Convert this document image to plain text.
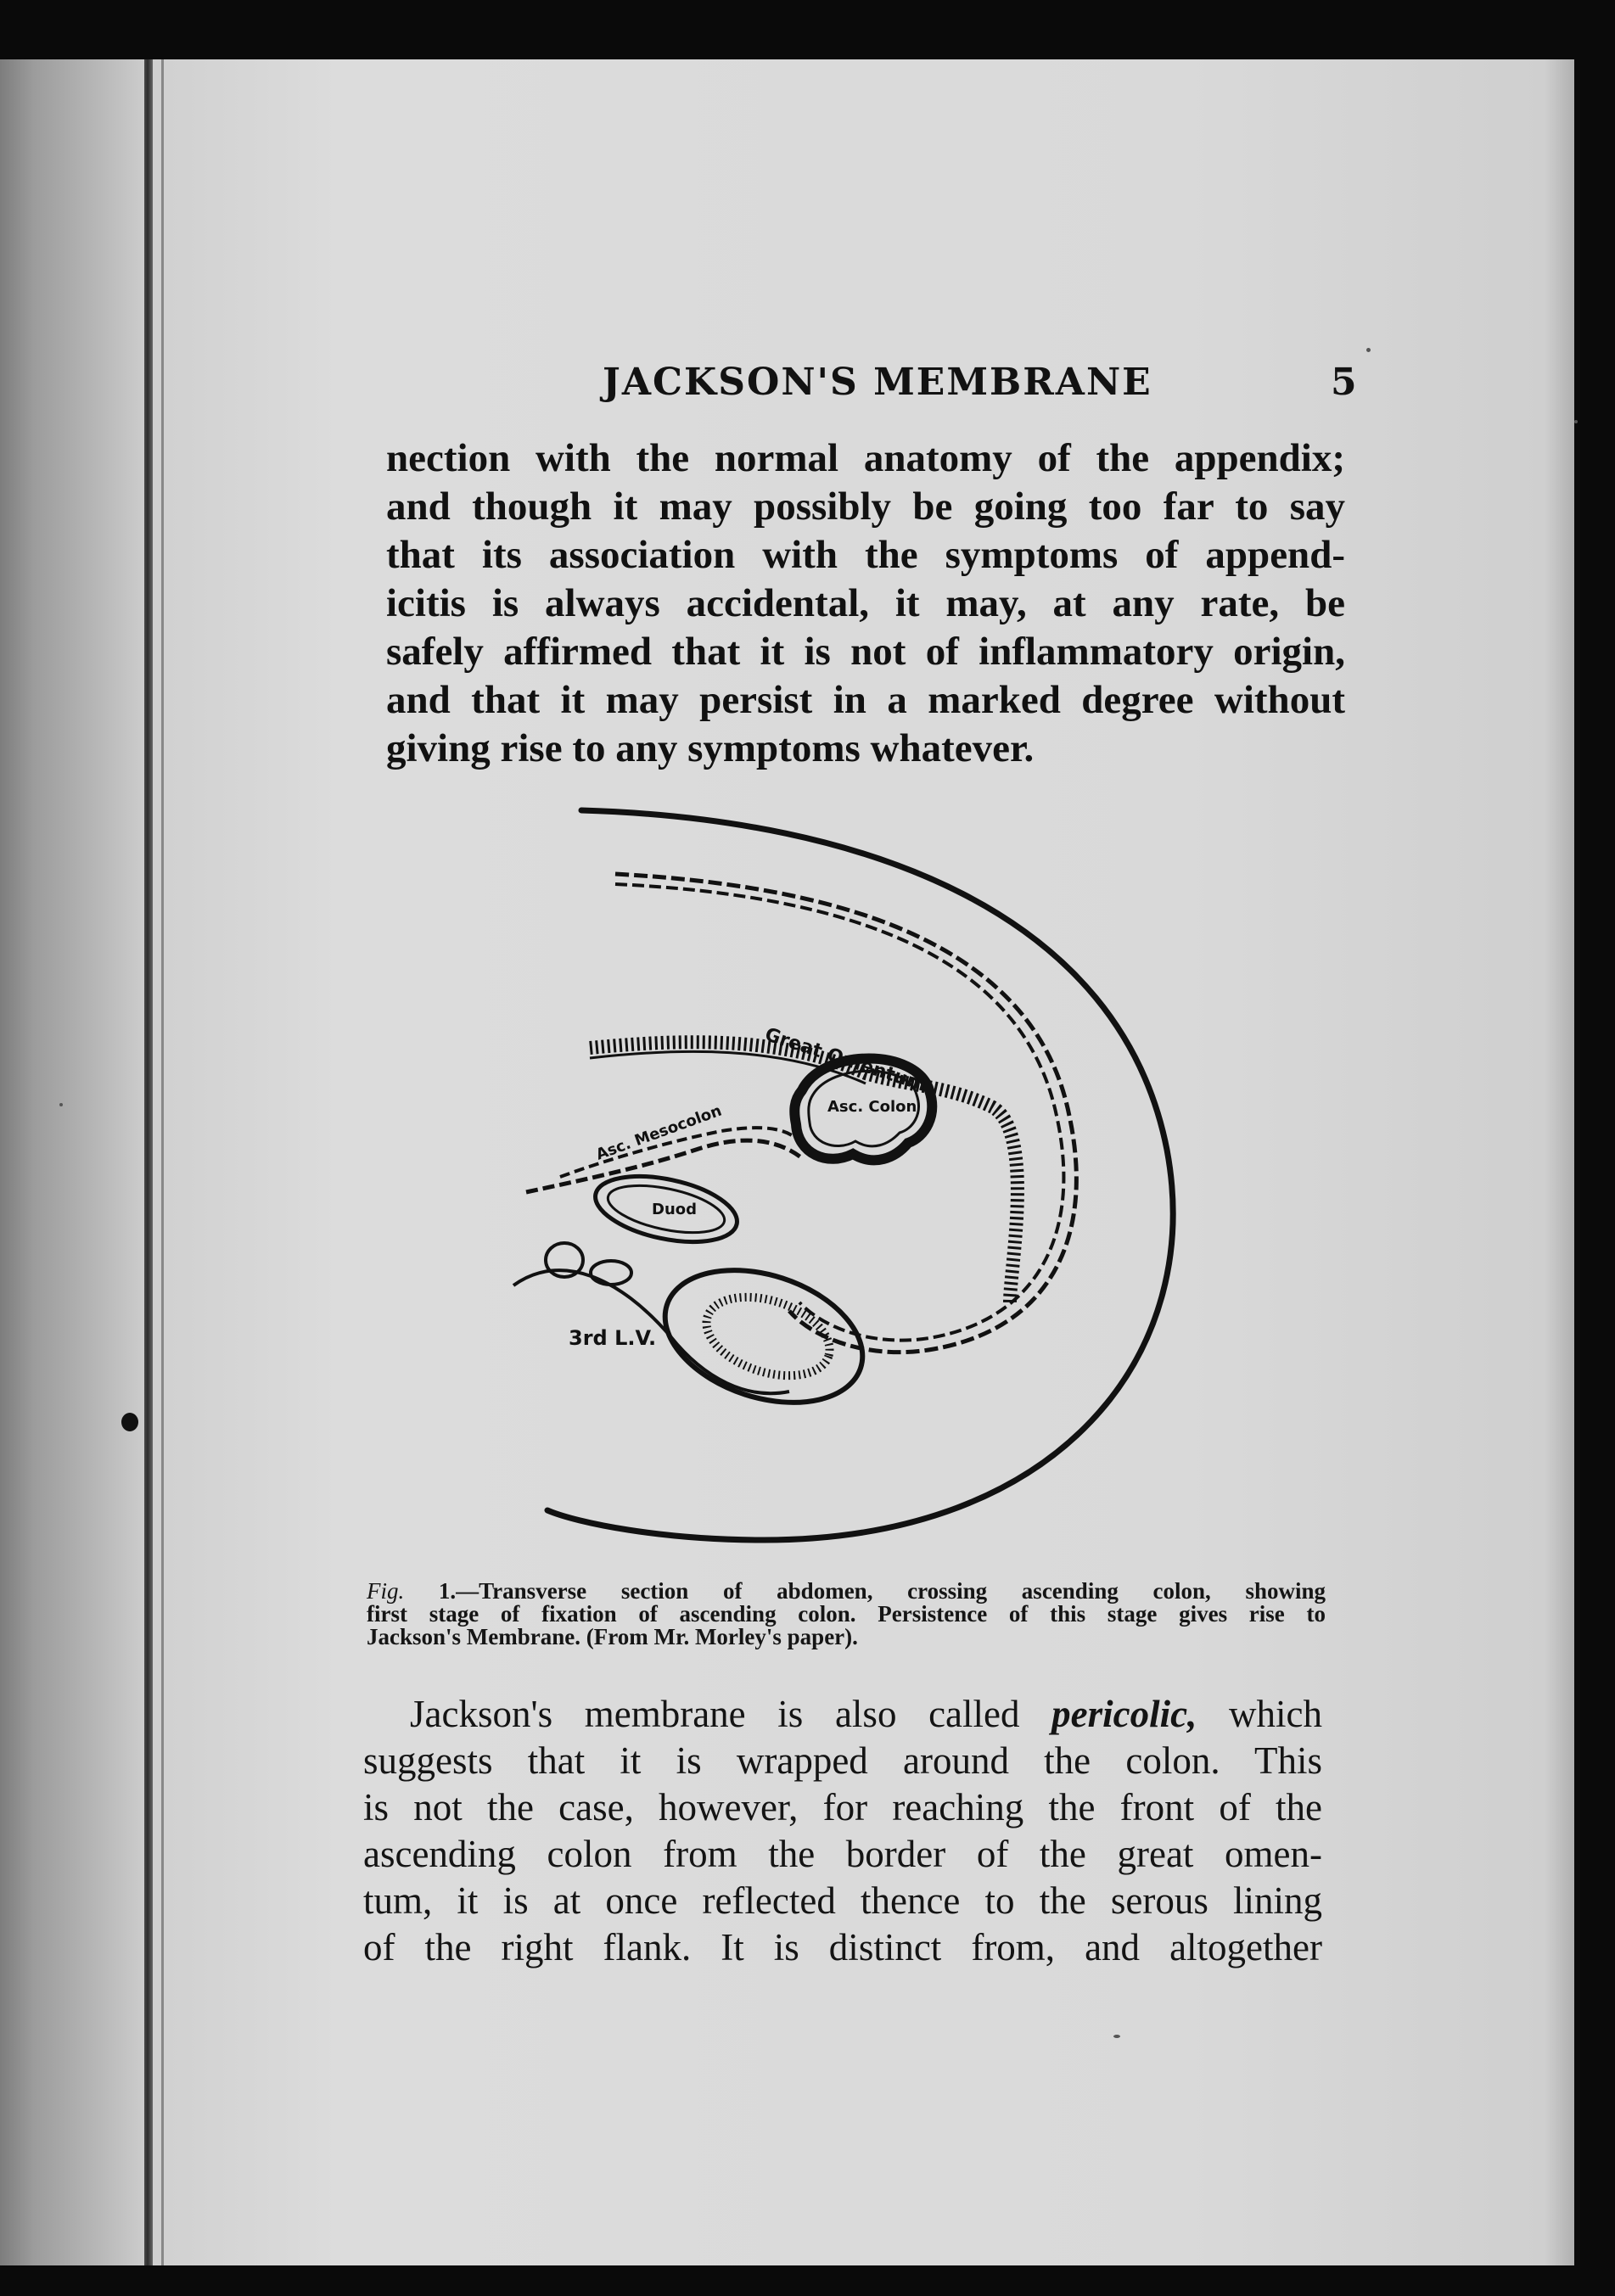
JACKSON'S MEMBRANE	5
nection with the normal anatomy of the appendix;
and though it may possibly be going too far to say
that its association with the symptoms of append-
icitis is always accidental, it may, at any rate, be
safely affirmed that it is not of inflammatory origin,
and that it may persist in a marked degree without
giving rise to any symptoms whatever.
Great Omentum
Asc. Colon
Asc. Mesocolon
Duod
3rd L.V.
Fig. 1.—Transverse section of abdomen, crossing ascending colon, showing
first stage of fixation of ascending colon. Persistence of this stage gives rise to
Jackson's Membrane. (From Mr. Morley's paper).
Jackson's membrane is also called pericolic, which
suggests that it is wrapped around the colon. This
is not the case, however, for reaching the front of the
ascending colon from the border of the great omen-
tum, it is at once reflected thence to the serous lining
of the right flank. It is distinct from, and altogether
